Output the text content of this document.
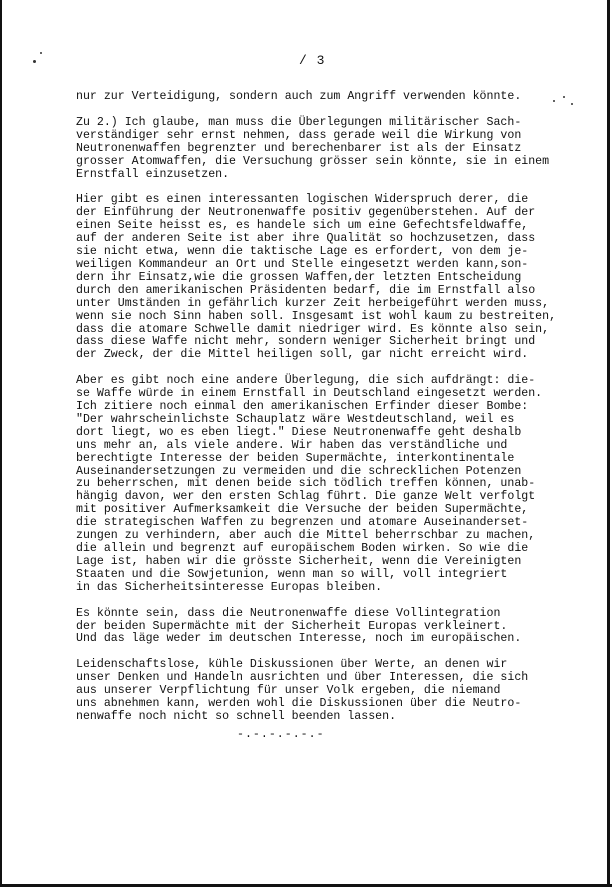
/ 3

nur zur Verteidigung, sondern auch zum Angriff verwenden könnte.

Zu 2.) Ich glaube, man muss die Überlegungen militärischer Sach-
verständiger sehr ernst nehmen, dass gerade weil die Wirkung von
Neutronenwaffen begrenzter und berechenbarer ist als der Einsatz
grosser Atomwaffen, die Versuchung grösser sein könnte, sie in einem
Ernstfall einzusetzen.

Hier gibt es einen interessanten logischen Widerspruch derer, die
der Einführung der Neutronenwaffe positiv gegenüberstehen. Auf der
einen Seite heisst es, es handele sich um eine Gefechtsfeldwaffe,
auf der anderen Seite ist aber ihre Qualität so hochzusetzen, dass
sie nicht etwa, wenn die taktische Lage es erfordert, von dem je-
weiligen Kommandeur an Ort und Stelle eingesetzt werden kann,son-
dern ihr Einsatz,wie die grossen Waffen,der letzten Entscheidung
durch den amerikanischen Präsidenten bedarf, die im Ernstfall also
unter Umständen in gefährlich kurzer Zeit herbeigeführt werden muss,
wenn sie noch Sinn haben soll. Insgesamt ist wohl kaum zu bestreiten,
dass die atomare Schwelle damit niedriger wird. Es könnte also sein,
dass diese Waffe nicht mehr, sondern weniger Sicherheit bringt und
der Zweck, der die Mittel heiligen soll, gar nicht erreicht wird.

Aber es gibt noch eine andere Überlegung, die sich aufdrängt: die-
se Waffe würde in einem Ernstfall in Deutschland eingesetzt werden.
Ich zitiere noch einmal den amerikanischen Erfinder dieser Bombe:
"Der wahrscheinlichste Schauplatz wäre Westdeutschland, weil es
dort liegt, wo es eben liegt." Diese Neutronenwaffe geht deshalb
uns mehr an, als viele andere. Wir haben das verständliche und
berechtigte Interesse der beiden Supermächte, interkontinentale
Auseinandersetzungen zu vermeiden und die schrecklichen Potenzen
zu beherrschen, mit denen beide sich tödlich treffen können, unab-
hängig davon, wer den ersten Schlag führt. Die ganze Welt verfolgt
mit positiver Aufmerksamkeit die Versuche der beiden Supermächte,
die strategischen Waffen zu begrenzen und atomare Auseinanderset-
zungen zu verhindern, aber auch die Mittel beherrschbar zu machen,
die allein und begrenzt auf europäischem Boden wirken. So wie die
Lage ist, haben wir die grösste Sicherheit, wenn die Vereinigten
Staaten und die Sowjetunion, wenn man so will, voll integriert
in das Sicherheitsinteresse Europas bleiben.

Es könnte sein, dass die Neutronenwaffe diese Vollintegration
der beiden Supermächte mit der Sicherheit Europas verkleinert.
Und das läge weder im deutschen Interesse, noch im europäischen.

Leidenschaftslose, kühle Diskussionen über Werte, an denen wir
unser Denken und Handeln ausrichten und über Interessen, die sich
aus unserer Verpflichtung für unser Volk ergeben, die niemand
uns abnehmen kann, werden wohl die Diskussionen über die Neutro-
nenwaffe noch nicht so schnell beenden lassen.

-.-.-.-.-.-
